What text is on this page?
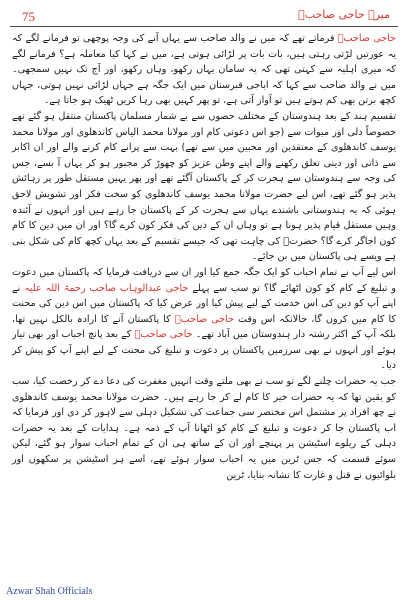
75	میرے حاجی صاحبؒ

حاجی صاحبؒ فرماتے تھے کہ میں نے والد صاحب سے یہاں آنے کی وجہ پوچھی تو فرمانے لگے کہ یہ عورتیں لڑتی رہتی ہیں، بات بات پر لڑائی ہوتی ہے، میں نے کہا کیا معاملہ ہے؟ فرمانے لگے کہ میری اہلیہ سے کہتی تھی کہ یہ سامان یہاں رکھو، وہاں رکھو، اور آج تک نہیں سمجھی۔ میں نے والد صاحب سے کہا کہ اباجی قبرستان میں ایک جگہ ہے جہاں لڑائی نہیں ہوتی، جہاں کچھ برتن بھی کم ہوتے ہیں تو آواز آتی ہے، تو پھر کہیں بھی رہا کریں ٹھیک ہو جاتا ہے۔

تقسیم ہند کے بعد ہندوستان کے مختلف حصوں سے بے شمار مسلمان پاکستان منتقل ہو گئے تھے خصوصاً دلی اور میوات سے (جو اس دعوتی کام اور مولانا محمد الیاس کاندھلوی اور مولانا محمد یوسف کاندھلوی کے معتقدین اور محبین میں سے تھے) بہت سے پرانے کام کرنے والے اور ان اکابر سے ذاتی اور دینی تعلق رکھنے والے اپنے وطن عزیز کو چھوڑ کر مجبور ہو کر یہاں آ بسے، جس کی وجہ سے ہندوستان سے ہجرت کر کے پاکستان آگئے تھے اور پھر یہیں مستقل طور پر رہائش پذیر ہو گئے تھے، اس لیے حضرت مولانا محمد یوسف کاندھلوی کو سخت فکر اور تشویش لاحق ہوئی کہ یہ ہندوستانی باشندے یہاں سے ہجرت کر کے پاکستان جا رہے ہیں اور انہوں نے آئندہ وہیں مستقل قیام پذیر ہونا ہے تو وہاں ان کے دین کی فکر کون کرے گا؟ اور ان میں دین کا کام کون اجاگر کرے گا؟ حضرتؒ کی چاہت تھی کہ جیسے تقسیم کے بعد یہاں کچھ کام کی شکل بنی ہے ویسے ہی پاکستان میں بن جائے۔

اس لیے آپ نے تمام احباب کو ایک جگہ جمع کیا اور ان سے دریافت فرمایا کہ پاکستان میں دعوت و تبلیغ کے کام کو کون اٹھائے گا؟ تو سب سے پہلے حاجی عبدالوہاب صاحب رحمۃ اللہ علیہ نے اپنے آپ کو دین کی اس خدمت کے لیے پیش کیا اور عرض کیا کہ پاکستان میں اس دین کی محنت کا کام میں کروں گا، حالانکہ اس وقت حاجی صاحبؒ کا پاکستان آنے کا ارادہ بالکل نہیں تھا، بلکہ آپ کے اکثر رشتہ دار ہندوستان میں آباد تھے۔ حاجی صاحبؒ کے بعد پانچ احباب اور بھی تیار ہوئے اور انہوں نے بھی سرزمین پاکستان پر دعوت و تبلیغ کی محنت کے لیے اپنے آپ کو پیش کر دیا۔

جب یہ حضرات چلنے لگے تو سب نے بھی ملتے وقت انہیں مغفرت کی دعا دے کر رخصت کیا، سب کو یقین تھا کہ یہ حضرات خیر کا کام لے کر جا رہے ہیں۔ حضرت مولانا محمد یوسف کاندھلوی نے چھ افراد پر مشتمل اس مختصر سی جماعت کی تشکیل دہلی سے لاہور کر دی اور فرمایا کہ اب پاکستان جا کر دعوت و تبلیغ کے کام کو اٹھانا آپ کے ذمہ ہے۔ ہدایات کے بعد یہ حضرات دہلی کے ریلوے اسٹیشن پر پہنچے اور ان کے ساتھ ہی ان کے تمام احباب سوار ہو گئے، لیکن سوئے قسمت کہ جس ٹرین میں یہ احباب سوار ہوئے تھے، اسے ہر اسٹیشن پر سکھوں اور بلوائیوں نے قتل و غارت کا نشانہ بنایا، ٹرین

Azwar Shah Officials
